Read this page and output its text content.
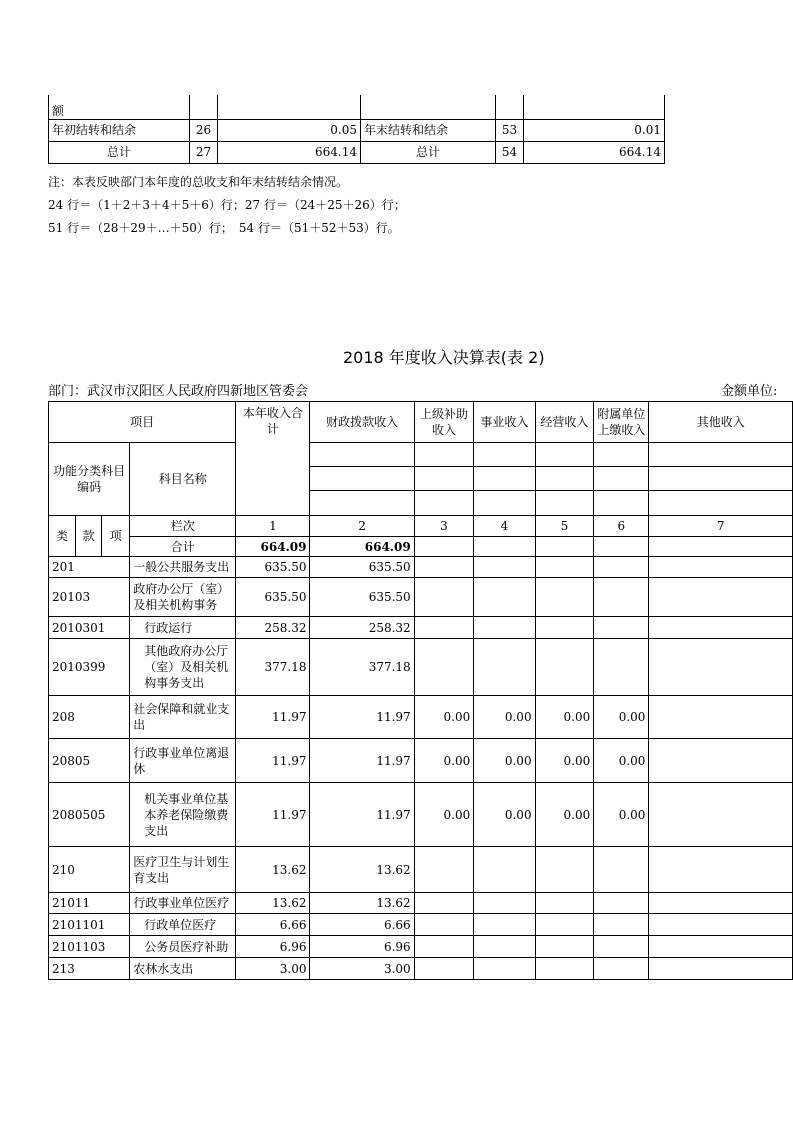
额					
年初结转和结余	26	0.05	年末结转和结余	53	0.01
总计	27	664.14	总计	54	664.14
注：本表反映部门本年度的总收支和年末结转结余情况。
24 行＝（1＋2＋3＋4＋5＋6）行；27 行＝（24＋25＋26）行；
51 行＝（28＋29＋…＋50）行；　54 行＝（51＋52＋53）行。
2018 年度收入决算表(表 2)
部门：武汉市汉阳区人民政府四新地区管委会	金额单位:
项目				本年收入合计	财政拨款收入	上级补助收入	事业收入	经营收入	附属单位上缴收入	其他收入
功能分类科目编码			科目名称							

类	款	项	栏次	1	2	3	4	5	6	7
			合计	664.09	664.09					
201			一般公共服务支出	635.50	635.50					
20103			政府办公厅（室）及相关机构事务	635.50	635.50					
2010301			行政运行	258.32	258.32					
2010399			其他政府办公厅（室）及相关机构事务支出	377.18	377.18					
208			社会保障和就业支出	11.97	11.97	0.00	0.00	0.00	0.00	
20805			行政事业单位离退休	11.97	11.97	0.00	0.00	0.00	0.00	
2080505			机关事业单位基本养老保险缴费支出	11.97	11.97	0.00	0.00	0.00	0.00	
210			医疗卫生与计划生育支出	13.62	13.62					
21011			行政事业单位医疗	13.62	13.62					
2101101			行政单位医疗	6.66	6.66					
2101103			公务员医疗补助	6.96	6.96					
213			农林水支出	3.00	3.00					
